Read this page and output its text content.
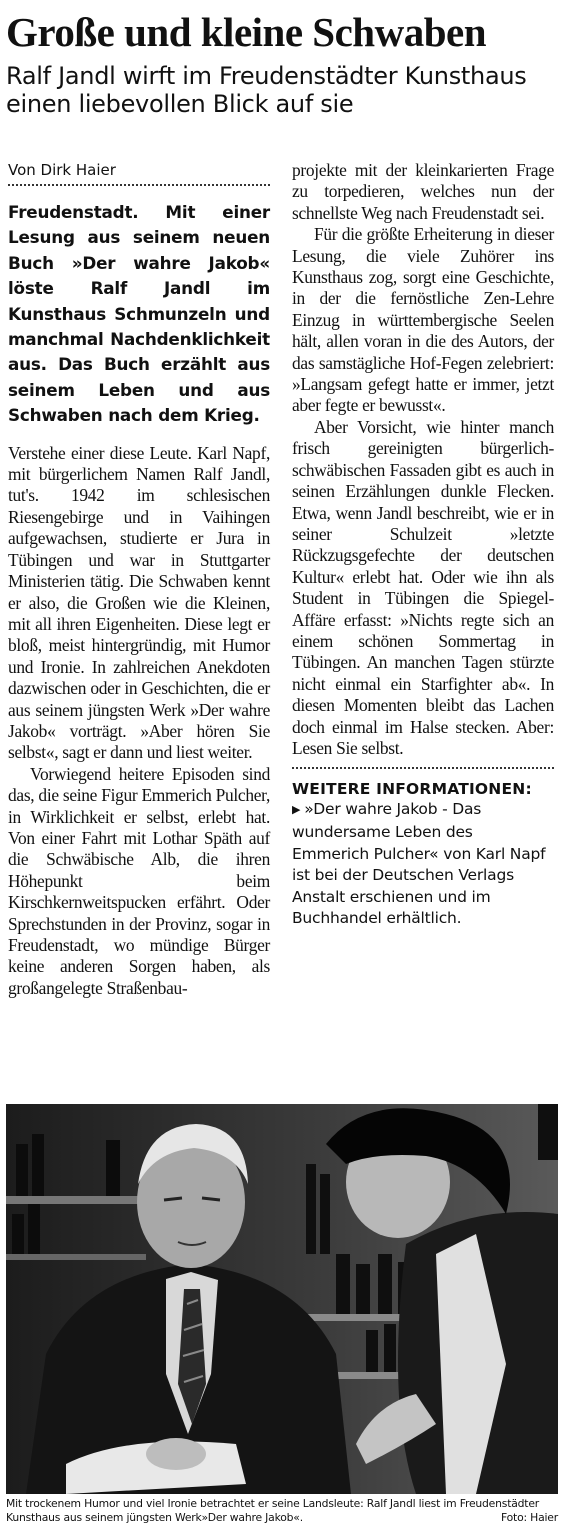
Große und kleine Schwaben
Ralf Jandl wirft im Freudenstädter Kunsthaus einen liebevollen Blick auf sie
Von Dirk Haier
Freudenstadt. Mit einer Lesung aus seinem neuen Buch »Der wahre Jakob« löste Ralf Jandl im Kunsthaus Schmunzeln und manchmal Nachdenklichkeit aus. Das Buch erzählt aus seinem Leben und aus Schwaben nach dem Krieg.

Verstehe einer diese Leute. Karl Napf, mit bürgerlichem Namen Ralf Jandl, tut's. 1942 im schlesischen Riesengebirge und in Vaihingen aufgewachsen, studierte er Jura in Tübingen und war in Stuttgarter Ministerien tätig. Die Schwaben kennt er also, die Großen wie die Kleinen, mit all ihren Eigenheiten. Diese legt er bloß, meist hintergründig, mit Humor und Ironie. In zahlreichen Anekdoten dazwischen oder in Geschichten, die er aus seinem jüngsten Werk »Der wahre Jakob« vorträgt. »Aber hören Sie selbst«, sagt er dann und liest weiter.

Vorwiegend heitere Episoden sind das, die seine Figur Emmerich Pulcher, in Wirklichkeit er selbst, erlebt hat. Von einer Fahrt mit Lothar Späth auf die Schwäbische Alb, die ihren Höhepunkt beim Kirschkernweitspucken erfährt. Oder Sprechstunden in der Provinz, sogar in Freudenstadt, wo mündige Bürger keine anderen Sorgen haben, als großangelegte Straßenbau-

projekte mit der kleinkarierten Frage zu torpedieren, welches nun der schnellste Weg nach Freudenstadt sei.

Für die größte Erheiterung in dieser Lesung, die viele Zuhörer ins Kunsthaus zog, sorgt eine Geschichte, in der die fernöstliche Zen-Lehre Einzug in württembergische Seelen hält, allen voran in die des Autors, der das samstägliche Hof-Fegen zelebriert: »Langsam gefegt hatte er immer, jetzt aber fegte er bewusst«.

Aber Vorsicht, wie hinter manch frisch gereinigten bürgerlich-schwäbischen Fassaden gibt es auch in seinen Erzählungen dunkle Flecken. Etwa, wenn Jandl beschreibt, wie er in seiner Schulzeit »letzte Rückzugsgefechte der deutschen Kultur« erlebt hat. Oder wie ihn als Student in Tübingen die Spiegel-Affäre erfasst: »Nichts regte sich an einem schönen Sommertag in Tübingen. An manchen Tagen stürzte nicht einmal ein Starfighter ab«. In diesen Momenten bleibt das Lachen doch einmal im Halse stecken. Aber: Lesen Sie selbst.

WEITERE INFORMATIONEN:
▶ »Der wahre Jakob - Das wundersame Leben des Emmerich Pulcher« von Karl Napf ist bei der Deutschen Verlags Anstalt erschienen und im Buchhandel erhältlich.
Mit trockenem Humor und viel Ironie betrachtet er seine Landsleute: Ralf Jandl liest im Freudenstädter Kunsthaus aus seinem jüngsten Werk»Der wahre Jakob«.	Foto: Haier
